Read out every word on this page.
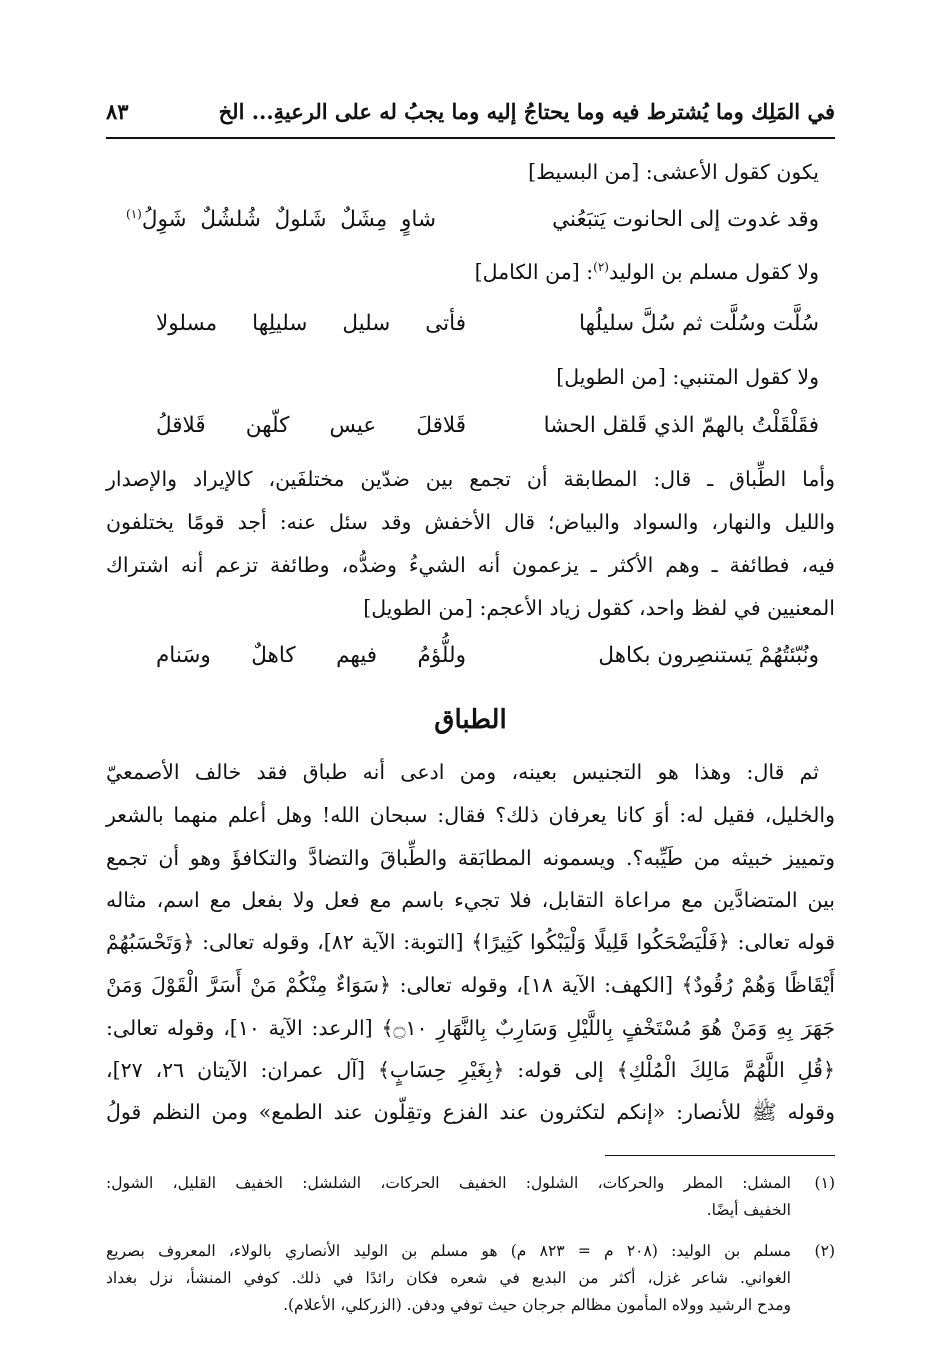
في المَلِك وما يُشترط فيه وما يحتاجُ إليه وما يجبُ له على الرعيةِ... الخ
٨٣
يكون كقول الأعشى: [من البسيط]
وقد غدوت إلى الحانوت يَتبَعُني
شاوٍ مِشَلٌ شَلولٌ شُلشُلٌ شَوِلُ$^{(١)}$
ولا كقول مسلم بن الوليد$^{(٢)}$: [من الكامل]
سُلَّت وسُلَّت ثم سُلَّ سليلُها
فأتى سليل سليلِها مسلولا
ولا كقول المتنبي: [من الطويل]
فقَلْقَلْتُ بالهمّ الذي قَلقل الحشا
قَلاقلَ عيس كلّهن قَلاقلُ
وأما الطِّباق ـ قال: المطابقة أن تجمع بين ضدّين مختلفَين، كالإيراد والإصدار
والليل والنهار، والسواد والبياض؛ قال الأخفش وقد سئل عنه: أجد قومًا يختلفون
فيه، فطائفة ـ وهم الأكثر ـ يزعمون أنه الشيءُ وضدُّه، وطائفة تزعم أنه اشتراك
المعنيين في لفظ واحد، كقول زياد الأعجم: [من الطويل]
ونُبّئتُهُمْ يَستنصِرون بكاهل
وللُّؤمُ فيهم كاهلٌ وسَنام
الطباق
ثم قال: وهذا هو التجنيس بعينه، ومن ادعى أنه طباق فقد خالف الأصمعيّ
والخليل، فقيل له: أوَ كانا يعرفان ذلك؟ فقال: سبحان الله! وهل أعلم منهما بالشعر
وتمييز خبيثه من طَيِّبه؟. ويسمونه المطابَقة والطِّباقَ والتضادَّ والتكافؤَ وهو أن تجمع
بين المتضادَّين مع مراعاة التقابل، فلا تجيء باسم مع فعل ولا بفعل مع اسم، مثاله
قوله تعالى: ﴿فَلْيَضْحَكُوا قَلِيلًا وَلْيَبْكُوا كَثِيرًا﴾ [التوبة: الآية ٨٢]، وقوله تعالى: ﴿وَتَحْسَبُهُمْ
أَيْقَاظًا وَهُمْ رُقُودٌ﴾ [الكهف: الآية ١٨]، وقوله تعالى: ﴿سَوَاءٌ مِنْكُمْ مَنْ أَسَرَّ الْقَوْلَ وَمَنْ
جَهَرَ بِهِ وَمَنْ هُوَ مُسْتَخْفٍ بِاللَّيْلِ وَسَارِبٌ بِالنَّهَارِ ۝١٠﴾ [الرعد: الآية ١٠]، وقوله تعالى:
﴿قُلِ اللَّهُمَّ مَالِكَ الْمُلْكِ﴾ إلى قوله: ﴿بِغَيْرِ حِسَابٍ﴾ [آل عمران: الآيتان ٢٦، ٢٧]،
وقوله ﷺ للأنصار: «إنكم لتكثرون عند الفزع وتقِلّون عند الطمع» ومن النظم قولُ
(١)
المشل: المطر والحركات، الشلول: الخفيف الحركات، الشلشل: الخفيف القليل، الشول:
الخفيف أيضًا.
(٢)
مسلم بن الوليد: (٢٠٨ م = ٨٢٣ م) هو مسلم بن الوليد الأنصاري بالولاء، المعروف بصريع
الغواني. شاعر غزل، أكثر من البديع في شعره فكان رائدًا في ذلك. كوفي المنشأ، نزل بغداد
ومدح الرشيد وولاه المأمون مظالم جرجان حيث توفي ودفن. (الزركلي، الأعلام).
